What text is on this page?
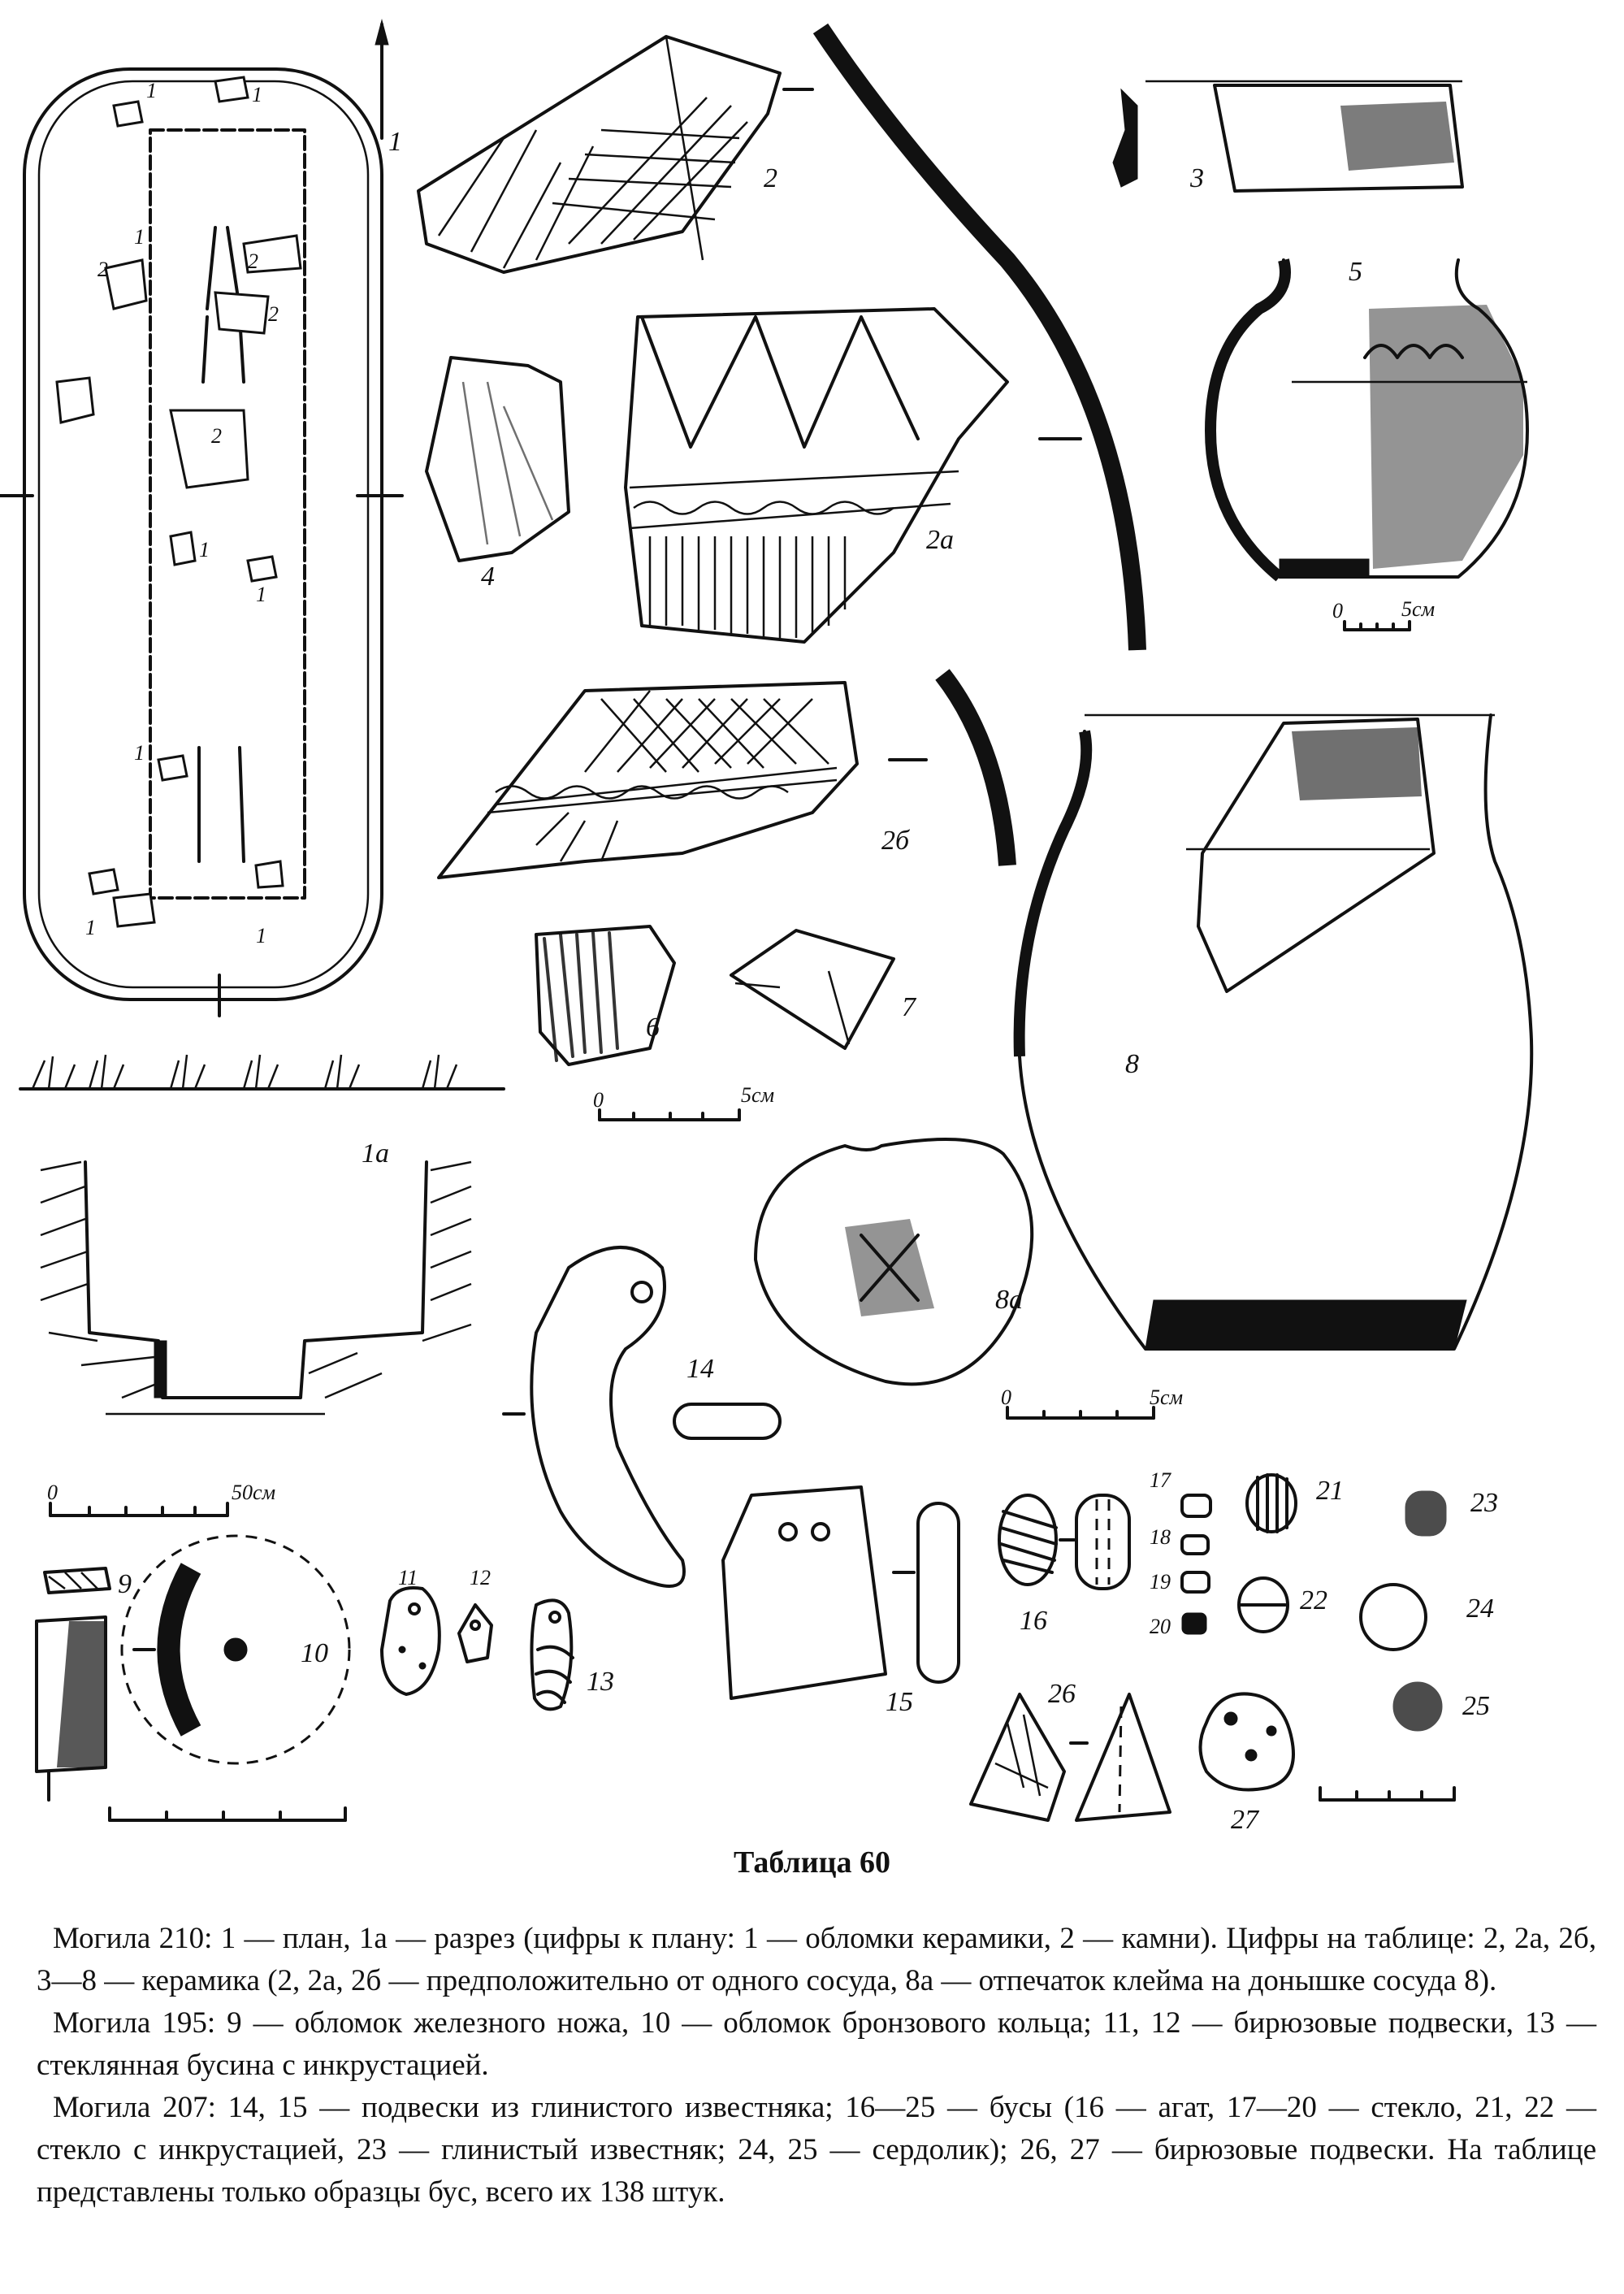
1	1
1
2	2
2
2
1
1
1
1
1
1
1a
0	50см
2
2a
2б
3
4
5
0	5см
6
7
0	5см
8
8a
0	5см
14
15
16
17
18
19
20
21
22
23
24
25
26
27
9
10
11 12
13
Таблица 60

Могила 210: 1 — план, 1а — разрез (цифры к плану: 1 — обломки керамики, 2 — камни). Цифры на таблице: 2, 2а, 2б, 3—8 — керамика (2, 2а, 2б — предположительно от одного сосуда, 8а — отпечаток клейма на донышке сосуда 8).

Могила 195: 9 — обломок железного ножа, 10 — обломок бронзового кольца; 11, 12 — бирюзовые подвески, 13 — стеклянная бусина с инкрустацией.

Могила 207: 14, 15 — подвески из глинистого известняка; 16—25 — бусы (16 — агат, 17—20 — стекло, 21, 22 — стекло с инкрустацией, 23 — глинистый известняк; 24, 25 — сердолик); 26, 27 — бирюзовые подвески. На таблице представлены только образцы бус, всего их 138 штук.
